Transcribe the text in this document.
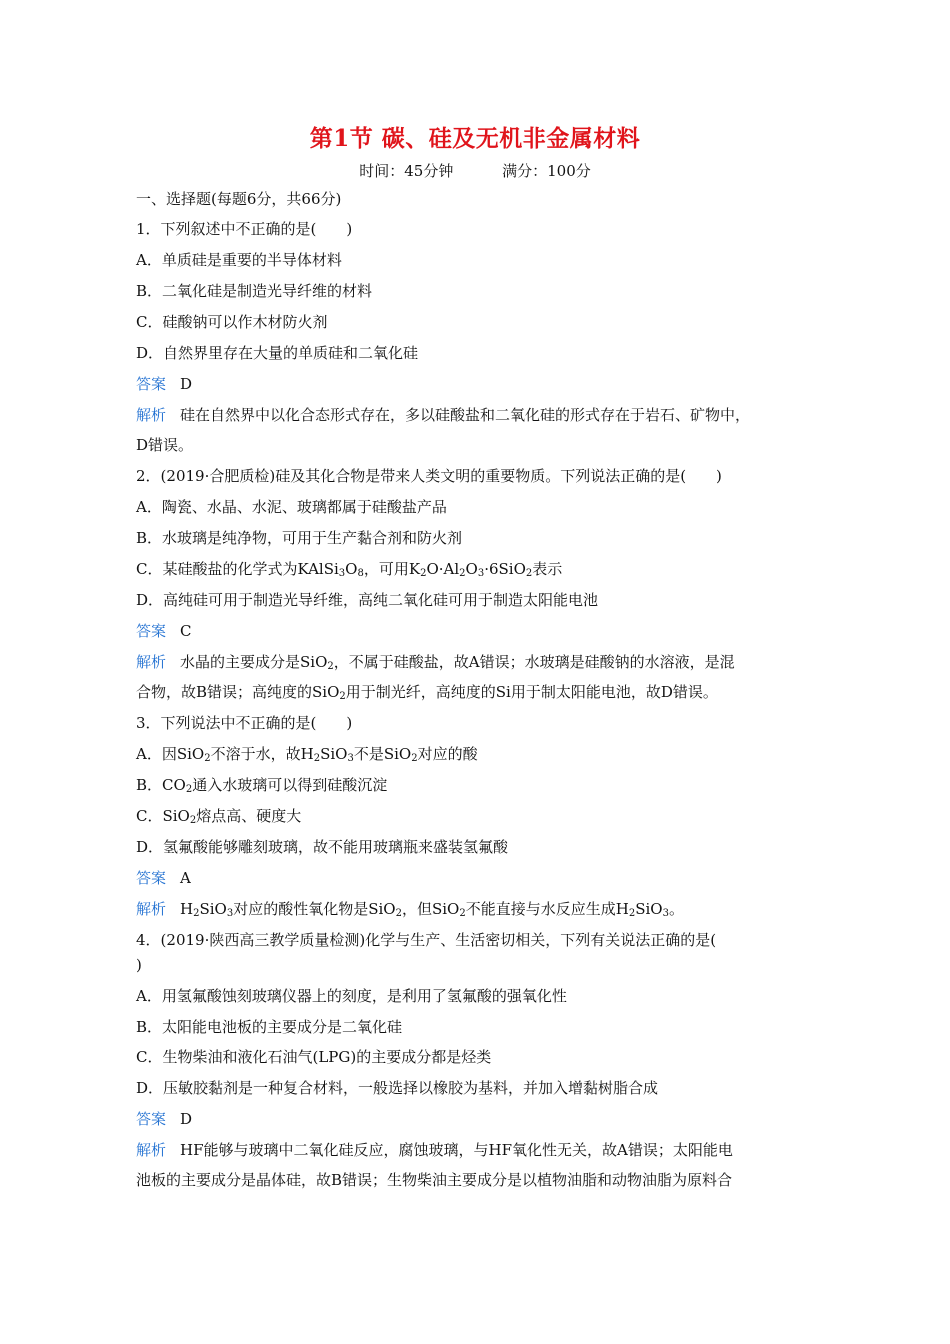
第1节 碳、硅及无机非金属材料
时间：45分钟	满分：100分
一、选择题(每题6分，共66分)
1．下列叙述中不正确的是(　　)
A．单质硅是重要的半导体材料
B．二氧化硅是制造光导纤维的材料
C．硅酸钠可以作木材防火剂
D．自然界里存在大量的单质硅和二氧化硅
答案 D
解析 硅在自然界中以化合态形式存在，多以硅酸盐和二氧化硅的形式存在于岩石、矿物中，
D错误。
2．(2019·合肥质检)硅及其化合物是带来人类文明的重要物质。下列说法正确的是(　　)
A．陶瓷、水晶、水泥、玻璃都属于硅酸盐产品
B．水玻璃是纯净物，可用于生产黏合剂和防火剂
C．某硅酸盐的化学式为$KAlSi_3O_8$，可用$K_2O\cdot Al_2O_3\cdot 6SiO_2$表示
D．高纯硅可用于制造光导纤维，高纯二氧化硅可用于制造太阳能电池
答案 C
解析 水晶的主要成分是SiO$_2$，不属于硅酸盐，故A错误；水玻璃是硅酸钠的水溶液，是混
合物，故B错误；高纯度的SiO$_2$用于制光纤，高纯度的Si用于制太阳能电池，故D错误。
3．下列说法中不正确的是(　　)
A．因SiO$_2$不溶于水，故$H_2SiO_3$不是SiO$_2$对应的酸
B．$CO_2$通入水玻璃可以得到硅酸沉淀
C．SiO$_2$熔点高、硬度大
D．氢氟酸能够雕刻玻璃，故不能用玻璃瓶来盛装氢氟酸
答案 A
解析 $H_2SiO_3$对应的酸性氧化物是SiO$_2$，但SiO$_2$不能直接与水反应生成$H_2SiO_3$。
4．(2019·陕西高三教学质量检测)化学与生产、生活密切相关，下列有关说法正确的是(
)
A．用氢氟酸蚀刻玻璃仪器上的刻度，是利用了氢氟酸的强氧化性
B．太阳能电池板的主要成分是二氧化硅
C．生物柴油和液化石油气(LPG)的主要成分都是烃类
D．压敏胶黏剂是一种复合材料，一般选择以橡胶为基料，并加入增黏树脂合成
答案 D
解析 HF能够与玻璃中二氧化硅反应，腐蚀玻璃，与HF氧化性无关，故A错误；太阳能电
池板的主要成分是晶体硅，故B错误；生物柴油主要成分是以植物油脂和动物油脂为原料合
